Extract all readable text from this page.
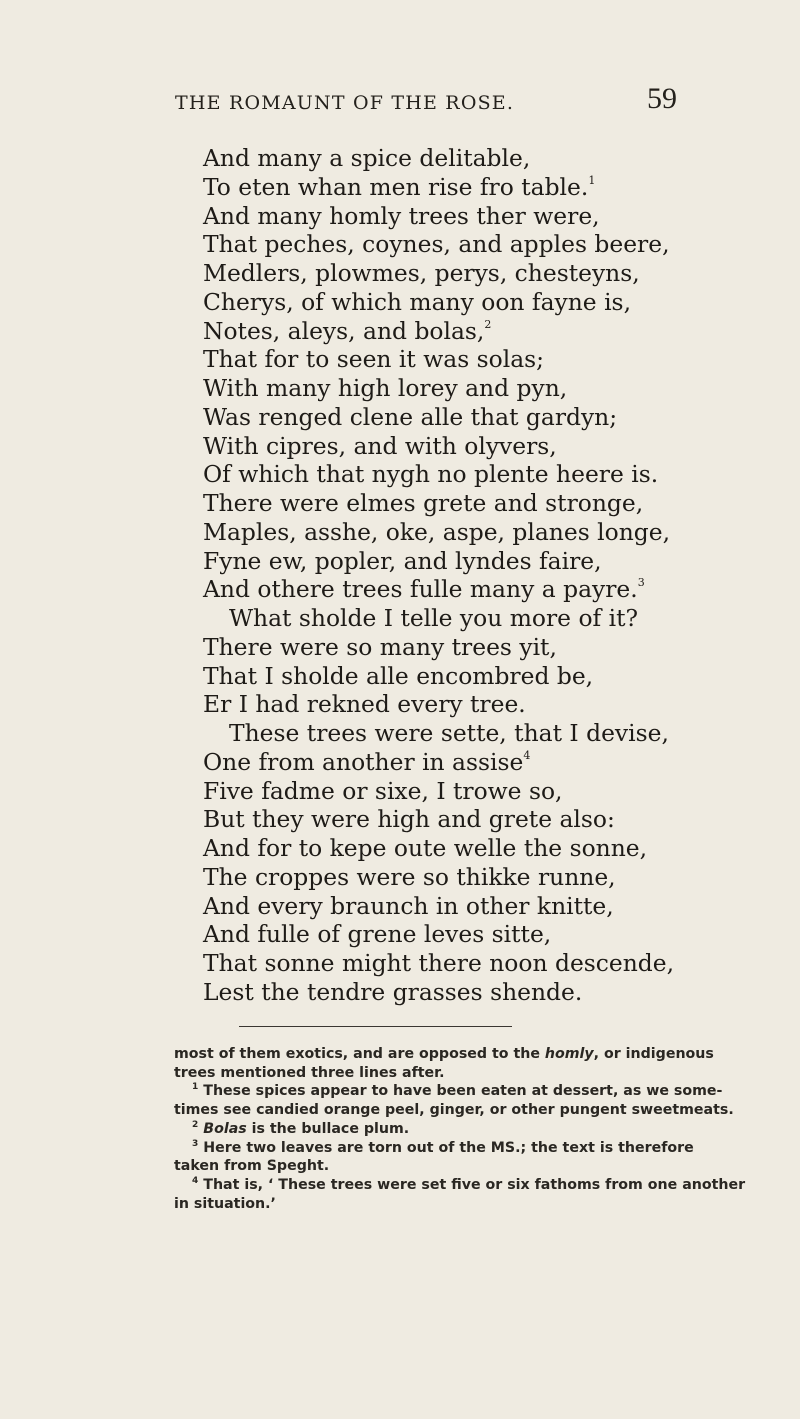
THE ROMAUNT OF THE ROSE.	59
And many a spice delitable,
To eten whan men rise fro table.$^1$
And many homly trees ther were,
That peches, coynes, and apples beere,
Medlers, plowmes, perys, chesteyns,
Cherys, of which many oon fayne is,
Notes, aleys, and bolas,$^2$
That for to seen it was solas;
With many high lorey and pyn,
Was renged clene alle that gardyn;
With cipres, and with olyvers,
Of which that nygh no plente heere is.
There were elmes grete and stronge,
Maples, asshe, oke, aspe, planes longe,
Fyne ew, popler, and lyndes faire,
And othere trees fulle many a payre.$^3$
What sholde I telle you more of it?
There were so many trees yit,
That I sholde alle encombred be,
Er I had rekned every tree.
These trees were sette, that I devise,
One from another in assise$^4$
Five fadme or sixe, I trowe so,
But they were high and grete also:
And for to kepe oute welle the sonne,
The croppes were so thikke runne,
And every braunch in other knitte,
And fulle of grene leves sitte,
That sonne might there noon descende,
Lest the tendre grasses shende.
most of them exotics, and are opposed to the homly, or indigenous
trees mentioned three lines after.
$^1$ These spices appear to have been eaten at dessert, as we some-
times see candied orange peel, ginger, or other pungent sweetmeats.
$^2$ Bolas is the bullace plum.
$^3$ Here two leaves are torn out of the MS.; the text is therefore
taken from Speght.
$^4$ That is, ‘ These trees were set five or six fathoms from one another
in situation.’
